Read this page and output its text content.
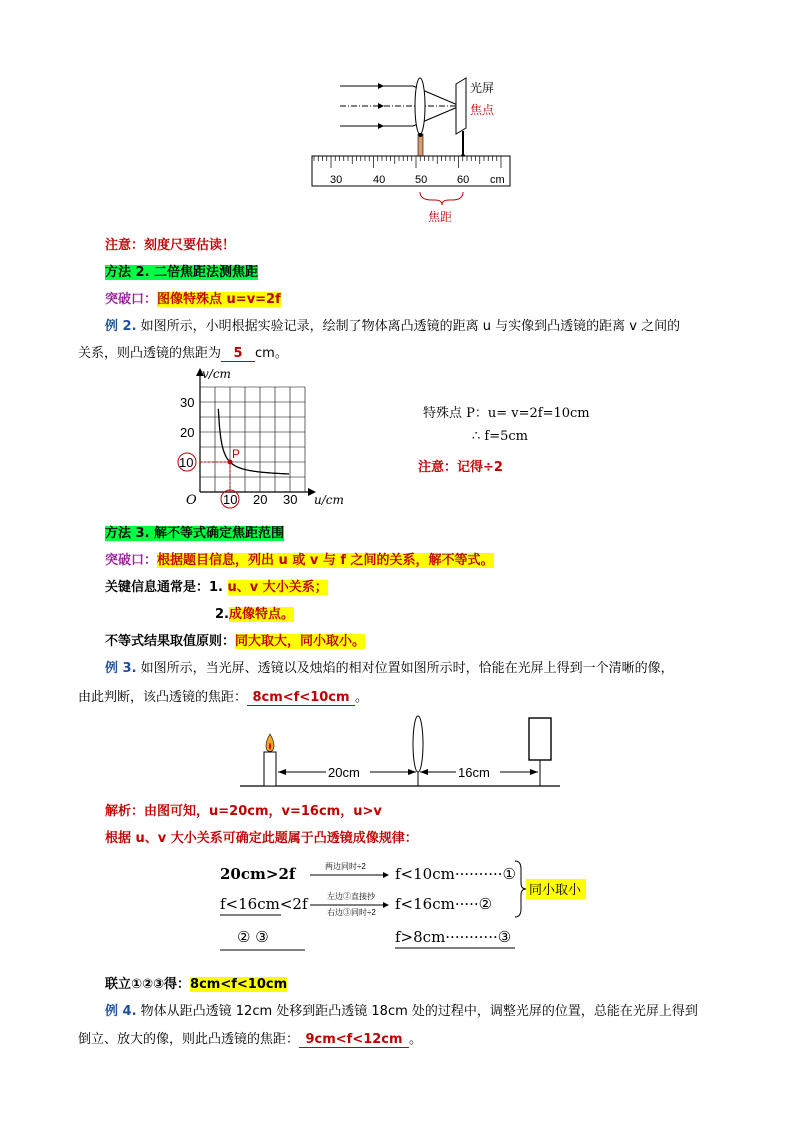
光屏
焦点
30	40	50	60 cm
焦距
注意：刻度尺要估读！
方法 2. 二倍焦距法测焦距
突破口：图像特殊点 u=v=2f
例 2. 如图所示，小明根据实验记录，绘制了物体离凸透镜的距离 u 与实像到凸透镜的距离 v 之间的
关系，则凸透镜的焦距为 5 cm。
P
v/cm
u/cm
O
30
20
10
10 20 30
特殊点 P：u= v=2f=10cm
∴ f=5cm
注意：记得÷2
方法 3. 解不等式确定焦距范围
突破口：根据题目信息，列出 u 或 v 与 f 之间的关系，解不等式。
关键信息通常是：1. u、v 大小关系；
2.成像特点。
不等式结果取值原则：同大取大，同小取小。
例 3. 如图所示，当光屏、透镜以及烛焰的相对位置如图所示时，恰能在光屏上得到一个清晰的像，
由此判断，该凸透镜的焦距： 8cm<f<10cm 。
20cm	16cm
解析：由图可知，u=20cm，v=16cm，u>v
根据 u、v 大小关系可确定此题属于凸透镜成像规律：
20cm>2f	两边同时÷2 f<10cm··········①
f<16cm<2f 左边②直接抄
右边③同时÷2 f<16cm·····②
② ③	f>8cm···········③
同小取小
联立①②③得：8cm<f<10cm
例 4. 物体从距凸透镜 12cm 处移到距凸透镜 18cm 处的过程中，调整光屏的位置，总能在光屏上得到
倒立、放大的像，则此凸透镜的焦距： 9cm<f<12cm 。
